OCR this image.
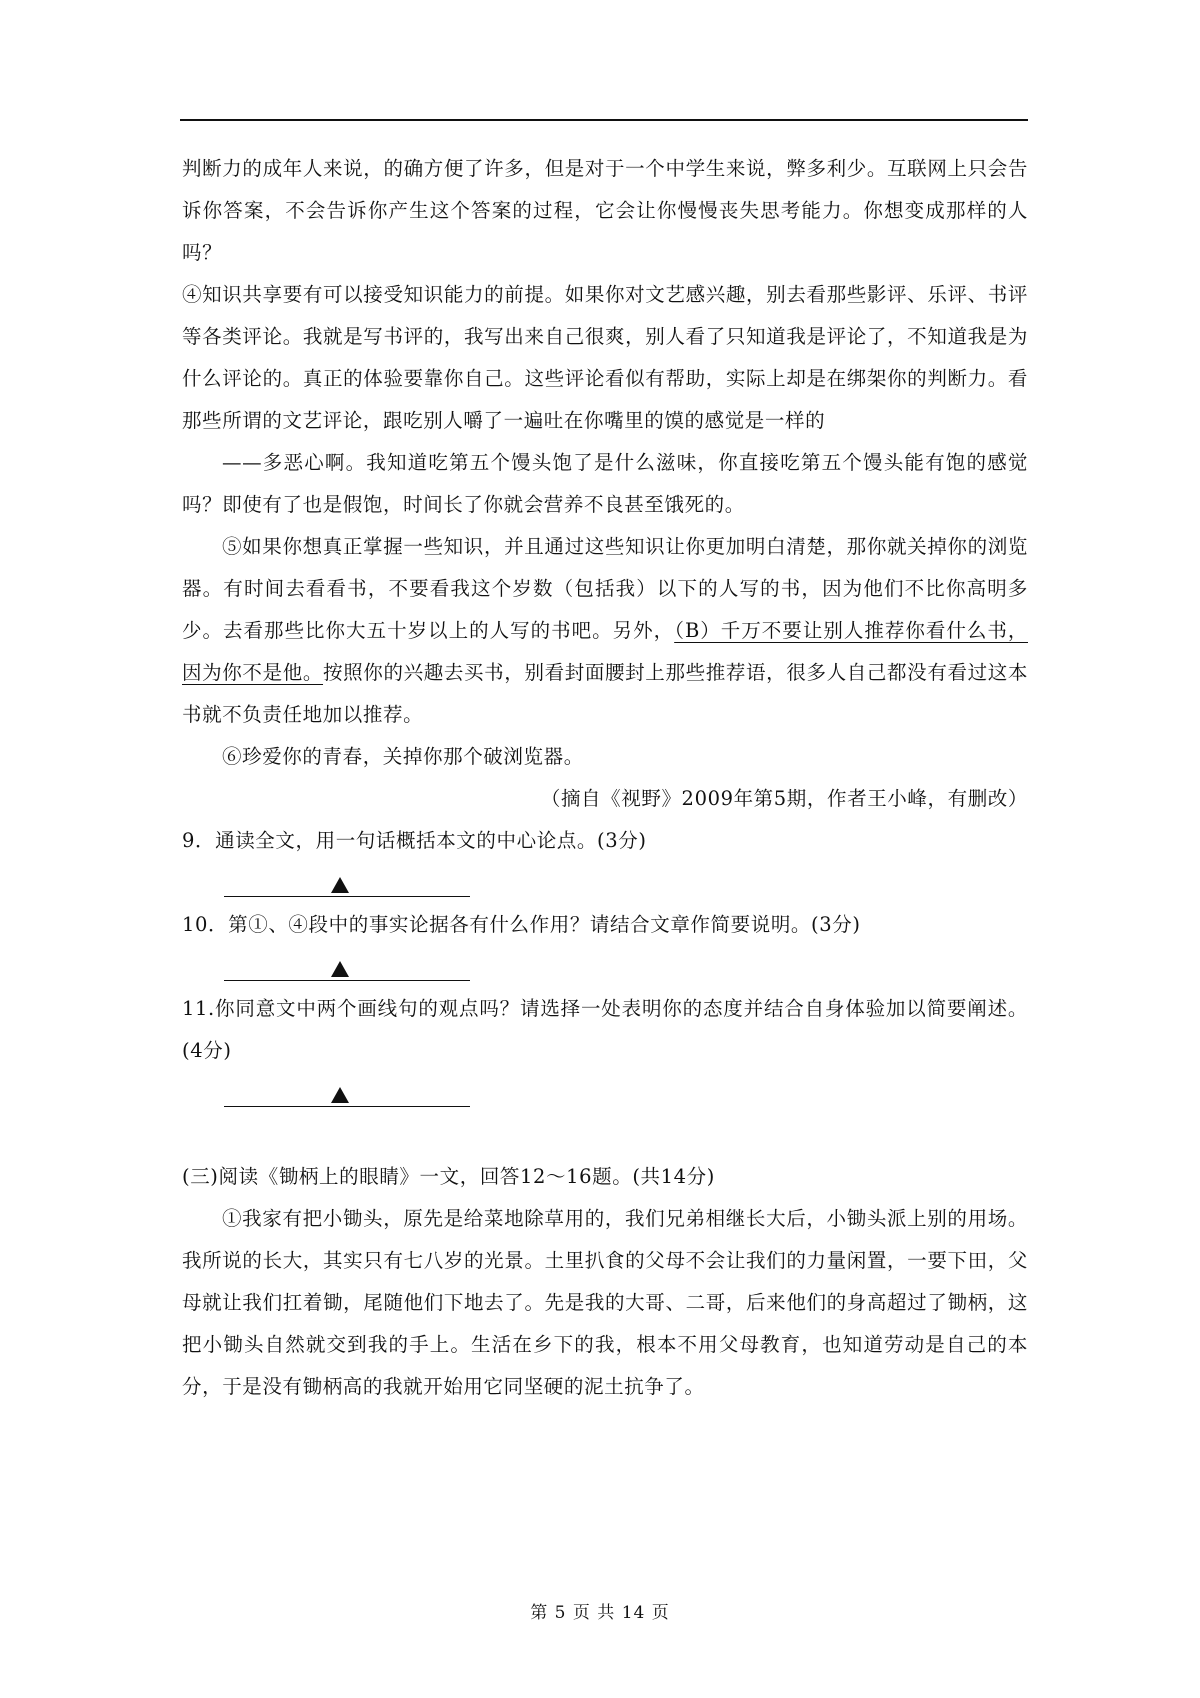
判断力的成年人来说，的确方便了许多，但是对于一个中学生来说，弊多利少。互联网上只会告诉你答案，不会告诉你产生这个答案的过程，它会让你慢慢丧失思考能力。你想变成那样的人吗？

④知识共享要有可以接受知识能力的前提。如果你对文艺感兴趣，别去看那些影评、乐评、书评等各类评论。我就是写书评的，我写出来自己很爽，别人看了只知道我是评论了，不知道我是为什么评论的。真正的体验要靠你自己。这些评论看似有帮助，实际上却是在绑架你的判断力。看那些所谓的文艺评论，跟吃别人嚼了一遍吐在你嘴里的馍的感觉是一样的

——多恶心啊。我知道吃第五个馒头饱了是什么滋味，你直接吃第五个馒头能有饱的感觉吗？即使有了也是假饱，时间长了你就会营养不良甚至饿死的。

⑤如果你想真正掌握一些知识，并且通过这些知识让你更加明白清楚，那你就关掉你的浏览器。有时间去看看书，不要看我这个岁数（包括我）以下的人写的书，因为他们不比你高明多少。去看那些比你大五十岁以上的人写的书吧。另外，（B）千万不要让别人推荐你看什么书，因为你不是他。按照你的兴趣去买书，别看封面腰封上那些推荐语，很多人自己都没有看过这本书就不负责任地加以推荐。

⑥珍爱你的青春，关掉你那个破浏览器。

（摘自《视野》2009年第5期，作者王小峰，有删改）

9．通读全文，用一句话概括本文的中心论点。(3分)

10．第①、④段中的事实论据各有什么作用？请结合文章作简要说明。(3分)

11.你同意文中两个画线句的观点吗？请选择一处表明你的态度并结合自身体验加以简要阐述。(4分)

(三)阅读《锄柄上的眼睛》一文，回答12～16题。(共14分)

①我家有把小锄头，原先是给菜地除草用的，我们兄弟相继长大后，小锄头派上别的用场。我所说的长大，其实只有七八岁的光景。土里扒食的父母不会让我们的力量闲置，一要下田，父母就让我们扛着锄，尾随他们下地去了。先是我的大哥、二哥，后来他们的身高超过了锄柄，这把小锄头自然就交到我的手上。生活在乡下的我，根本不用父母教育，也知道劳动是自己的本分，于是没有锄柄高的我就开始用它同坚硬的泥土抗争了。

第 5 页 共 14 页
